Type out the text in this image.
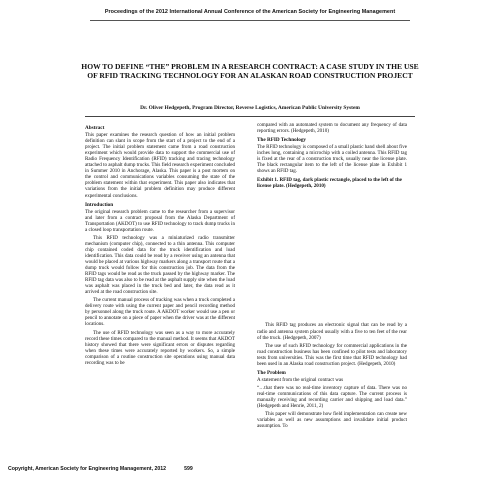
Proceedings of the 2012 International Annual Conference of the American Society for Engineering Management
HOW TO DEFINE “THE” PROBLEM IN A RESEARCH CONTRACT: A CASE STUDY IN THE USE OF RFID TRACKING TECHNOLOGY FOR AN ALASKAN ROAD CONSTRUCTION PROJECT
Dr. Oliver Hedgepeth, Program Director, Reverse Logistics, American Public University System
Abstract
This paper examines the research question of how an initial problem definition can slant in scope from the start of a project to the end of a project. The initial problem statement came from a road construction experiment which would provide data to support the commercial use of Radio Frequency Identification (RFID) tracking and tracing technology attached to asphalt dump trucks. This field research experiment concluded in Summer 2010 in Anchorage, Alaska. This paper is a post mortem on the control and communications variables consuming the state of the problem statement within that experiment. This paper also indicates that variations from the initial problem definition may produce different experimental conclusions.
Introduction
The original research problem came to the researcher from a supervisor and later from a contract proposal from the Alaska Department of Transportation (AKDOT) to use RFID technology to track dump trucks in a closed loop transportation route.
This RFID technology was a miniaturized radio transmitter mechanism (computer chip), connected to a thin antenna. This computer chip contained coded data for the truck identification and load identification. This data could be read by a receiver using an antenna that would be placed at various highway markers along a transport route that a dump truck would follow for this construction job. The data from the RFID tags would be read as the truck passed by the highway marker. The RFID tag data was also to be read at the asphalt supply site when the load was asphalt was placed in the truck bed and later, the data read as it arrived at the road construction site.
The current manual process of tracking was when a truck completed a delivery route with using the current paper and pencil recording method by personnel along the truck route. A AKDOT worker would use a pen or pencil to annotate on a piece of paper when the driver was at the different locations.
The use of RFID technology was seen as a way to more accurately record these times compared to the manual method. It seems that AKDOT history showed that there were significant errors or disputes regarding when these times were accurately reported by workers. So, a simple comparison of a routine construction site operations using manual data recording was to be
compared with an automated system to document any frequency of data reporting errors. (Hedgepeth, 2010)
The RFID Technology
The RFID technology is composed of a small plastic hand shell about five inches long, containing a microchip with a coiled antenna. This RFID tag is fixed at the rear of a construction truck, usually near the license plate. The black rectangular item to the left of the license plate in Exhibit 1 shows an RFID tag.
Exhibit 1. RFID tag, dark plastic rectangle, placed to the left of the license plate. (Hedgepeth, 2010)
This RFID tag produces an electronic signal that can be read by a radio and antenna system placed usually with a five to ten feet of the rear of the truck. (Hedgepeth, 2007)
The use of such RFID technology for commercial applications in the road construction business has been confined to pilot tests and laboratory tests from universities. This was the first time that RFID technology had been used in an Alaska road construction project. (Hedgepeth, 2010)
The Problem
A statement from the original contract was
“…that there was no real-time inventory capture of data. There was no real-time communications of this data capture. The current process is manually receiving and recording carrier and shipping and load data.” (Hedgepeth and Henrie, 2011, 2)
This paper will demonstrate how field implementation can create new variables as well as new assumptions and invalidate initial product assumption. To
Copyright, American Society for Engineering Management, 2012	599
